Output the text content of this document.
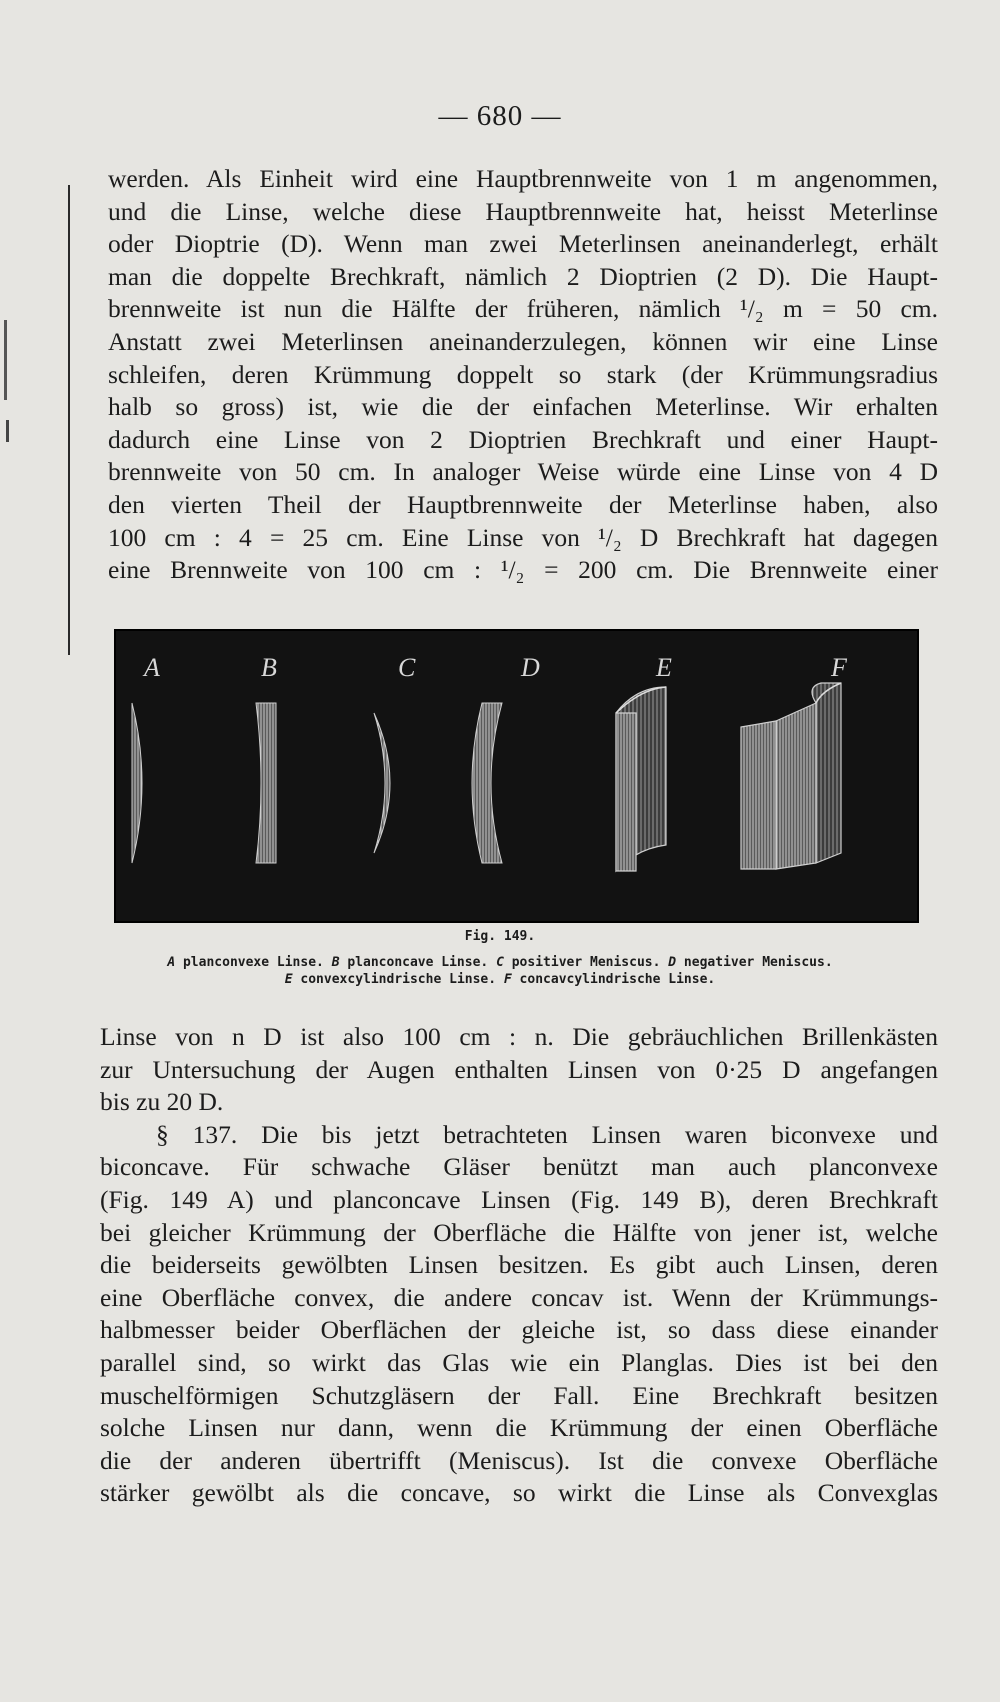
— 680 —

werden. Als Einheit wird eine Hauptbrennweite von 1 m angenommen,

und die Linse, welche diese Hauptbrennweite hat, heisst Meterlinse

oder Dioptrie (D). Wenn man zwei Meterlinsen aneinanderlegt, erhält

man die doppelte Brechkraft, nämlich 2 Dioptrien (2 D). Die Haupt-

brennweite ist nun die Hälfte der früheren, nämlich ¹/₂ m = 50 cm.

Anstatt zwei Meterlinsen aneinanderzulegen, können wir eine Linse

schleifen, deren Krümmung doppelt so stark (der Krümmungsradius

halb so gross) ist, wie die der einfachen Meterlinse. Wir erhalten

dadurch eine Linse von 2 Dioptrien Brechkraft und einer Haupt-

brennweite von 50 cm. In analoger Weise würde eine Linse von 4 D

den vierten Theil der Hauptbrennweite der Meterlinse haben, also

100 cm : 4 = 25 cm. Eine Linse von ¹/₂ D Brechkraft hat dagegen

eine Brennweite von 100 cm : ¹/₂ = 200 cm. Die Brennweite einer

A	B	C	D	E	F
Fig. 149.
A planconvexe Linse. B planconcave Linse. C positiver Meniscus. D negativer Meniscus.
E convexcylindrische Linse. F concavcylindrische Linse.

Linse von n D ist also 100 cm : n. Die gebräuchlichen Brillenkästen

zur Untersuchung der Augen enthalten Linsen von 0·25 D angefangen

bis zu 20 D.

§ 137. Die bis jetzt betrachteten Linsen waren biconvexe und

biconcave. Für schwache Gläser benützt man auch planconvexe

(Fig. 149 A) und planconcave Linsen (Fig. 149 B), deren Brechkraft

bei gleicher Krümmung der Oberfläche die Hälfte von jener ist, welche

die beiderseits gewölbten Linsen besitzen. Es gibt auch Linsen, deren

eine Oberfläche convex, die andere concav ist. Wenn der Krümmungs-

halbmesser beider Oberflächen der gleiche ist, so dass diese einander

parallel sind, so wirkt das Glas wie ein Planglas. Dies ist bei den

muschelförmigen Schutzgläsern der Fall. Eine Brechkraft besitzen

solche Linsen nur dann, wenn die Krümmung der einen Oberfläche

die der anderen übertrifft (Meniscus). Ist die convexe Oberfläche

stärker gewölbt als die concave, so wirkt die Linse als Convexglas
